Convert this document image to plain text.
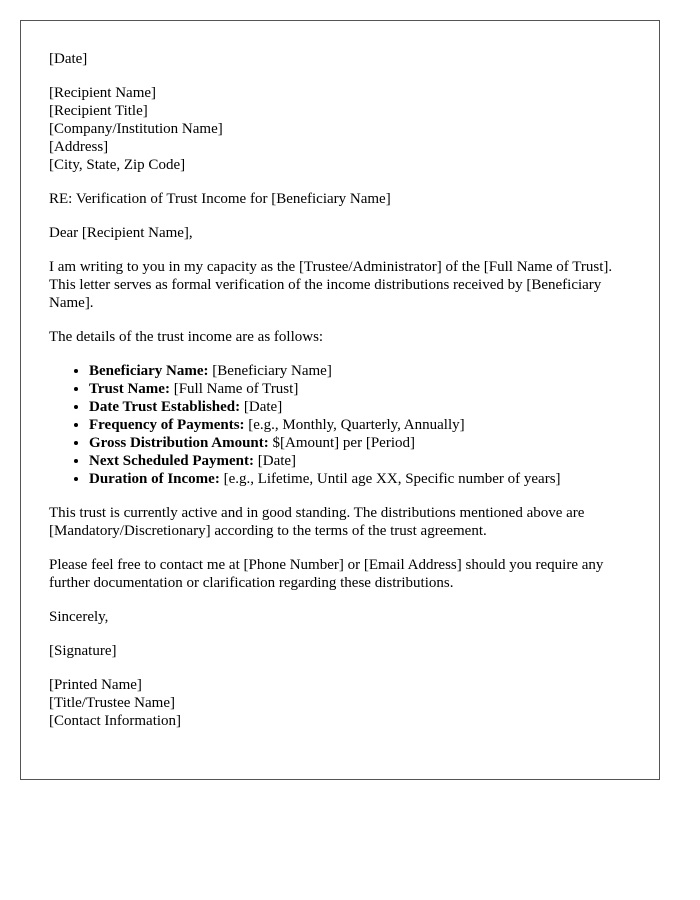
[Date]
[Recipient Name]
[Recipient Title]
[Company/Institution Name]
[Address]
[City, State, Zip Code]

RE: Verification of Trust Income for [Beneficiary Name]

Dear [Recipient Name],

I am writing to you in my capacity as the [Trustee/Administrator] of the [Full Name of Trust]. This letter serves as formal verification of the income distributions received by [Beneficiary Name].

The details of the trust income are as follows:

• Beneficiary Name: [Beneficiary Name]
• Trust Name: [Full Name of Trust]
• Date Trust Established: [Date]
• Frequency of Payments: [e.g., Monthly, Quarterly, Annually]
• Gross Distribution Amount: $[Amount] per [Period]
• Next Scheduled Payment: [Date]
• Duration of Income: [e.g., Lifetime, Until age XX, Specific number of years]

This trust is currently active and in good standing. The distributions mentioned above are [Mandatory/Discretionary] according to the terms of the trust agreement.

Please feel free to contact me at [Phone Number] or [Email Address] should you require any further documentation or clarification regarding these distributions.

Sincerely,

[Signature]

[Printed Name]
[Title/Trustee Name]
[Contact Information]
